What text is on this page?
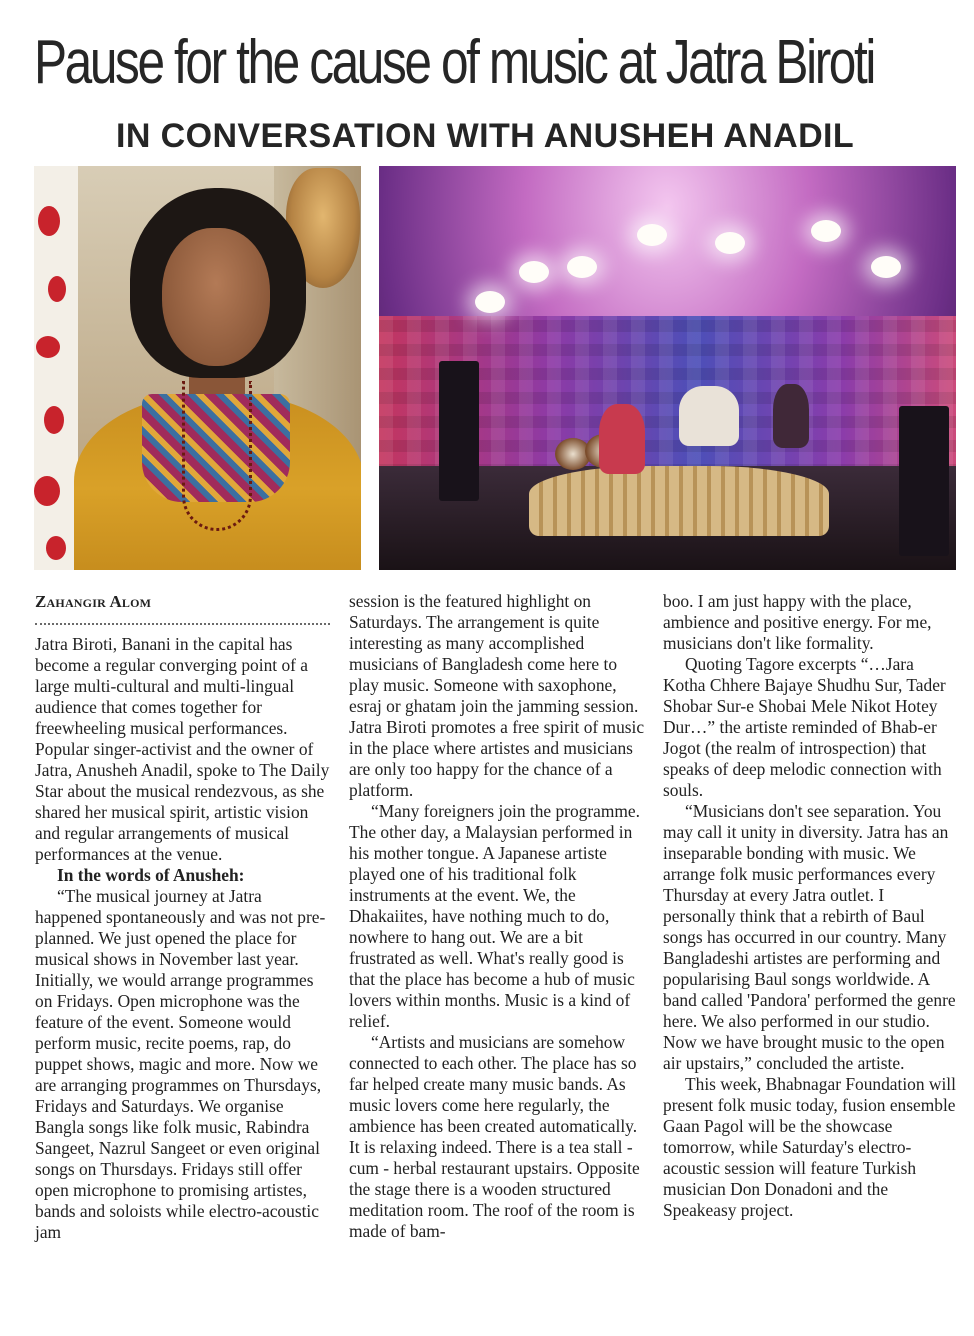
Pause for the cause of music at Jatra Biroti
IN CONVERSATION WITH ANUSHEH ANADIL
Zahangir Alom

Jatra Biroti, Banani in the capital has become a regular converging point of a large multi-cultural and multi-lingual audience that comes together for freewheeling musical performances. Popular singer-activist and the owner of Jatra, Anusheh Anadil, spoke to The Daily Star about the musical rendezvous, as she shared her musical spirit, artistic vision and regular arrangements of musical performances at the venue.

In the words of Anusheh:

“The musical journey at Jatra happened spontaneously and was not pre-planned. We just opened the place for musical shows in November last year. Initially, we would arrange programmes on Fridays. Open microphone was the feature of the event. Someone would perform music, recite poems, rap, do puppet shows, magic and more. Now we are arranging programmes on Thursdays, Fridays and Saturdays. We organise Bangla songs like folk music, Rabindra Sangeet, Nazrul Sangeet or even original songs on Thursdays. Fridays still offer open microphone to promising artistes, bands and soloists while electro-acoustic jam

session is the featured highlight on Saturdays. The arrangement is quite interesting as many accomplished musicians of Bangladesh come here to play music. Someone with saxophone, esraj or ghatam join the jamming session. Jatra Biroti promotes a free spirit of music in the place where artistes and musicians are only too happy for the chance of a platform.

“Many foreigners join the programme. The other day, a Malaysian performed in his mother tongue. A Japanese artiste played one of his traditional folk instruments at the event. We, the Dhakaiites, have nothing much to do, nowhere to hang out. We are a bit frustrated as well. What's really good is that the place has become a hub of music lovers within months. Music is a kind of relief.

“Artists and musicians are somehow connected to each other. The place has so far helped create many music bands. As music lovers come here regularly, the ambience has been created automatically. It is relaxing indeed. There is a tea stall - cum - herbal restaurant upstairs. Opposite the stage there is a wooden structured meditation room. The roof of the room is made of bam-

boo. I am just happy with the place, ambience and positive energy. For me, musicians don't like formality.

Quoting Tagore excerpts “…Jara Kotha Chhere Bajaye Shudhu Sur, Tader Shobar Sur-e Shobai Mele Nikot Hotey Dur…” the artiste reminded of Bhab-er Jogot (the realm of introspection) that speaks of deep melodic connection with souls.

“Musicians don't see separation. You may call it unity in diversity. Jatra has an inseparable bonding with music. We arrange folk music performances every Thursday at every Jatra outlet. I personally think that a rebirth of Baul songs has occurred in our country. Many Bangladeshi artistes are performing and popularising Baul songs worldwide. A band called 'Pandora' performed the genre here. We also performed in our studio. Now we have brought music to the open air upstairs,” concluded the artiste.

This week, Bhabnagar Foundation will present folk music today, fusion ensemble Gaan Pagol will be the showcase tomorrow, while Saturday's electro-acoustic session will feature Turkish musician Don Donadoni and the Speakeasy project.
